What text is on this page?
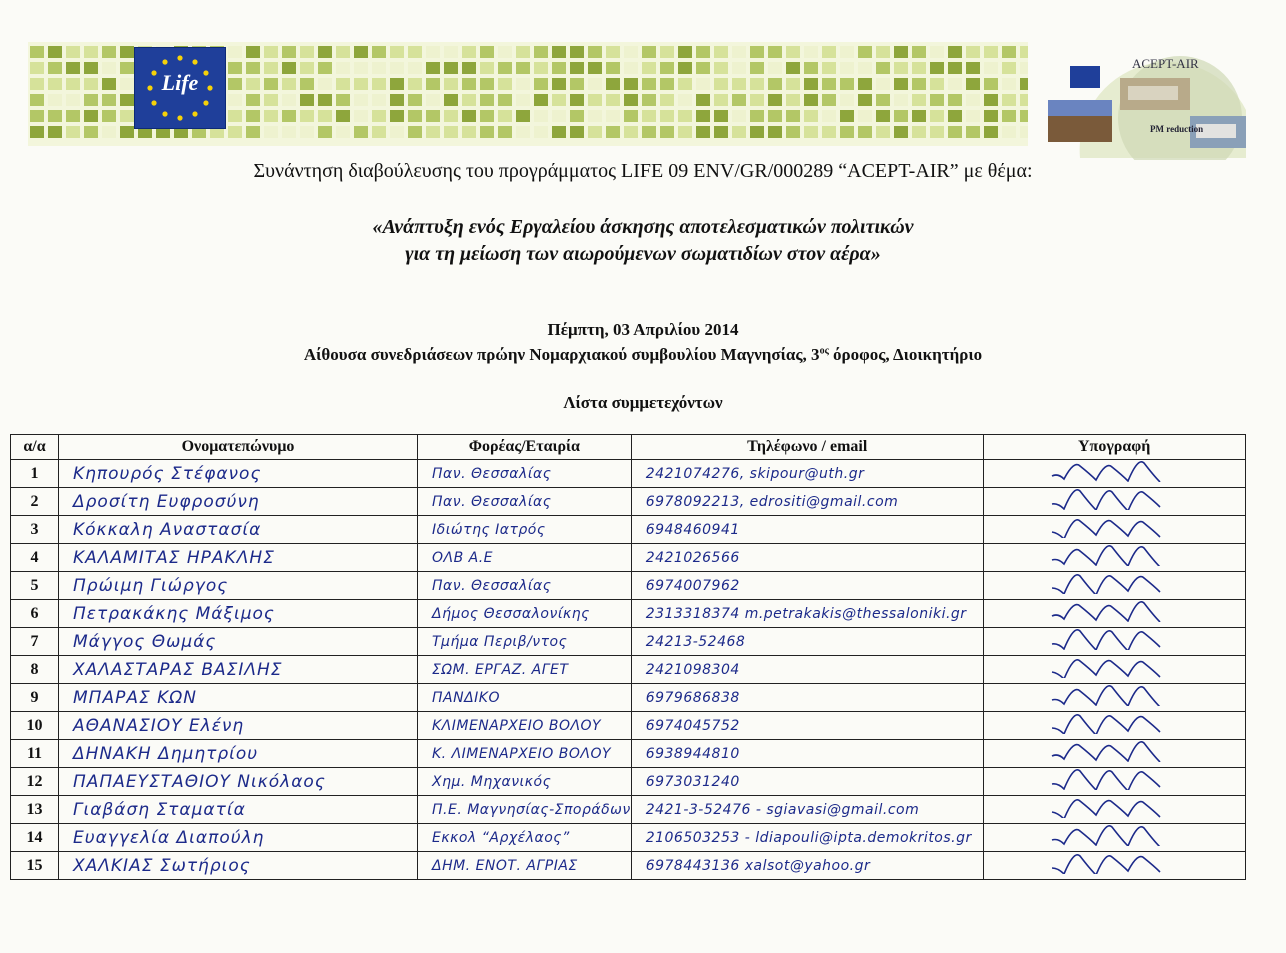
Life
ACEPT-AIR
PM reduction
Συνάντηση διαβούλευσης του προγράμματος LIFE 09 ENV/GR/000289 “ACEPT-AIR” με θέμα:
«Ανάπτυξη ενός Εργαλείου άσκησης αποτελεσματικών πολιτικών
για τη μείωση των αιωρούμενων σωματιδίων στον αέρα»
Πέμπτη, 03 Απριλίου 2014
Αίθουσα συνεδριάσεων πρώην Νομαρχιακού συμβουλίου Μαγνησίας, $3^{o\varsigma}$ όροφος, Διοικητήριο
Λίστα συμμετεχόντων
α/α	Ονοματεπώνυμο	Φορέας/Εταιρία	Τηλέφωνο / email	Υπογραφή
1	Κηπουρός Στέφανος	Παν. Θεσσαλίας	2421074276, skipour@uth.gr	
2	Δροσίτη Ευφροσύνη	Παν. Θεσσαλίας	6978092213, edrositi@gmail.com	
3	Κόκκαλη Αναστασία	Ιδιώτης Ιατρός	6948460941	
4	ΚΑΛΑΜΙΤΑΣ ΗΡΑΚΛΗΣ	ΟΛΒ Α.Ε	2421026566	
5	Πρώιμη Γιώργος	Παν. Θεσσαλίας	6974007962	
6	Πετρακάκης Μάξιμος	Δήμος Θεσσαλονίκης	2313318374 m.petrakakis@thessaloniki.gr	
7	Μάγγος Θωμάς	Τμήμα Περιβ/ντος	24213-52468	
8	ΧΑΛΑΣΤΑΡΑΣ ΒΑΣΙΛΗΣ	ΣΩΜ. ΕΡΓΑΖ. ΑΓΕΤ	2421098304	
9	ΜΠΑΡΑΣ ΚΩΝ	ΠΑΝΔΙΚΟ	6979686838	
10	ΑΘΑΝΑΣΙΟΥ Ελένη	ΚΛΙΜΕΝΑΡΧΕΙΟ ΒΟΛΟΥ	6974045752	
11	ΔΗΝΑΚΗ Δημητρίου	Κ. ΛΙΜΕΝΑΡΧΕΙΟ ΒΟΛΟΥ	6938944810	
12	ΠΑΠΑΕΥΣΤΑΘΙΟΥ Νικόλαος	Χημ. Μηχανικός	6973031240	
13	Γιαβάση Σταματία	Π.Ε. Μαγνησίας-Σποράδων	2421-3-52476 - sgiavasi@gmail.com	
14	Ευαγγελία Διαπούλη	Εκκολ “Αρχέλαος”	2106503253 - ldiapouli@ipta.demokritos.gr	
15	ΧΑΛΚΙΑΣ Σωτήριος	ΔΗΜ. ΕΝΟΤ. ΑΓΡΙΑΣ	6978443136 xalsot@yahoo.gr	
